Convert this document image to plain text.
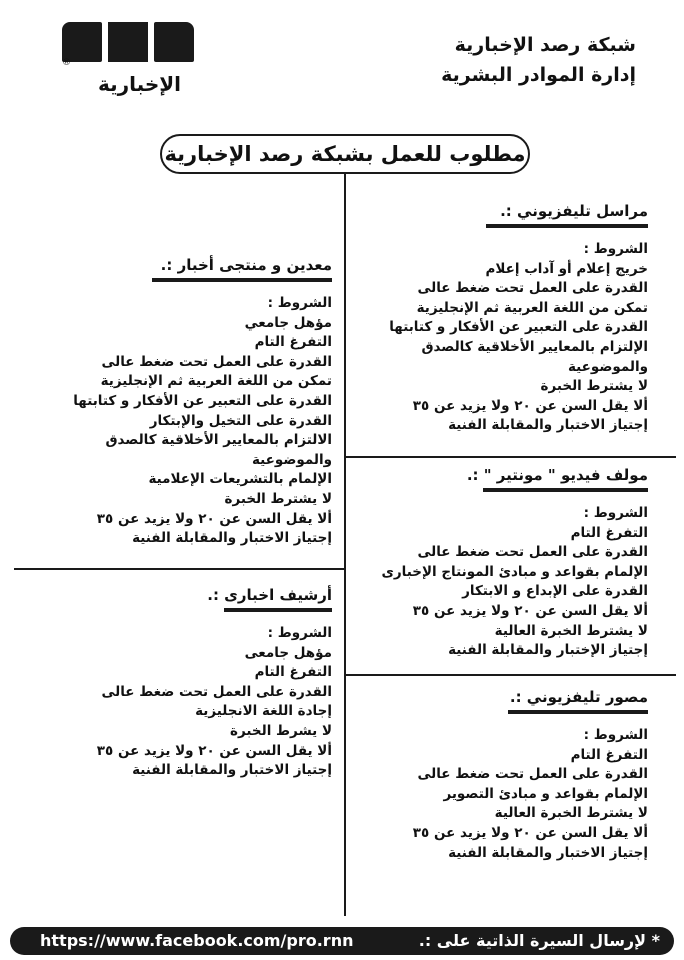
شبكة رصد الإخبارية
إدارة الموادر البشرية
®
الإخبارية
مطلوب للعمل بشبكة رصد الإخبارية
مراسل تليفزيوني :.
الشروط :
خريج إعلام أو آداب إعلام
القدرة على العمل تحت ضغط عالى
تمكن من اللغة العربية ثم الإنجليزية
القدرة على التعبير عن الأفكار و كتابتها
الإلتزام بالمعايير الأخلاقية كالصدق
والموضوعية
لا يشترط الخبرة
ألا يقل السن عن ٢٠ ولا يزيد عن ٣٥
إجتياز الاختبار والمقابلة الفنية
معدين و منتجى أخبار :.
الشروط :
مؤهل جامعي
التفرغ التام
القدرة على العمل تحت ضغط عالى
تمكن من اللغة العربية ثم الإنجليزية
القدرة على التعبير عن الأفكار و كتابتها
القدرة على التخيل والإبتكار
الالتزام بالمعايير الأخلاقية كالصدق
والموضوعية
الإلمام بالتشريعات الإعلامية
لا يشترط الخبرة
ألا يقل السن عن ٢٠ ولا يزيد عن ٣٥
إجتياز الاختبار والمقابلة الفنية
مولف فيديو " مونتير " :.
الشروط :
التفرغ التام
القدرة على العمل تحت ضغط عالى
الإلمام بقواعد و مبادئ المونتاج الإخبارى
القدرة على الإبداع و الابتكار
ألا يقل السن عن ٢٠ ولا يزيد عن ٣٥
لا يشترط الخبرة العالية
إجتياز الإختبار والمقابلة الفنية
أرشيف اخبارى :.
الشروط :
مؤهل جامعى
التفرغ التام
القدرة على العمل تحت ضغط عالى
إجادة اللغة الانجليزية
لا يشرط الخبرة
ألا يقل السن عن ٢٠ ولا يزيد عن ٣٥
إجتياز الاختبار والمقابلة الفنية
مصور تليفزيوني :.
الشروط :
التفرغ التام
القدرة على العمل تحت ضغط عالى
الإلمام بقواعد و مبادئ التصوير
لا يشترط الخبرة العالية
ألا يقل السن عن ٢٠ ولا يزيد عن ٣٥
إجتياز الاختبار والمقابلة الفنية
https://www.facebook.com/pro.rnn	* لإرسال السيرة الذاتية على :.
